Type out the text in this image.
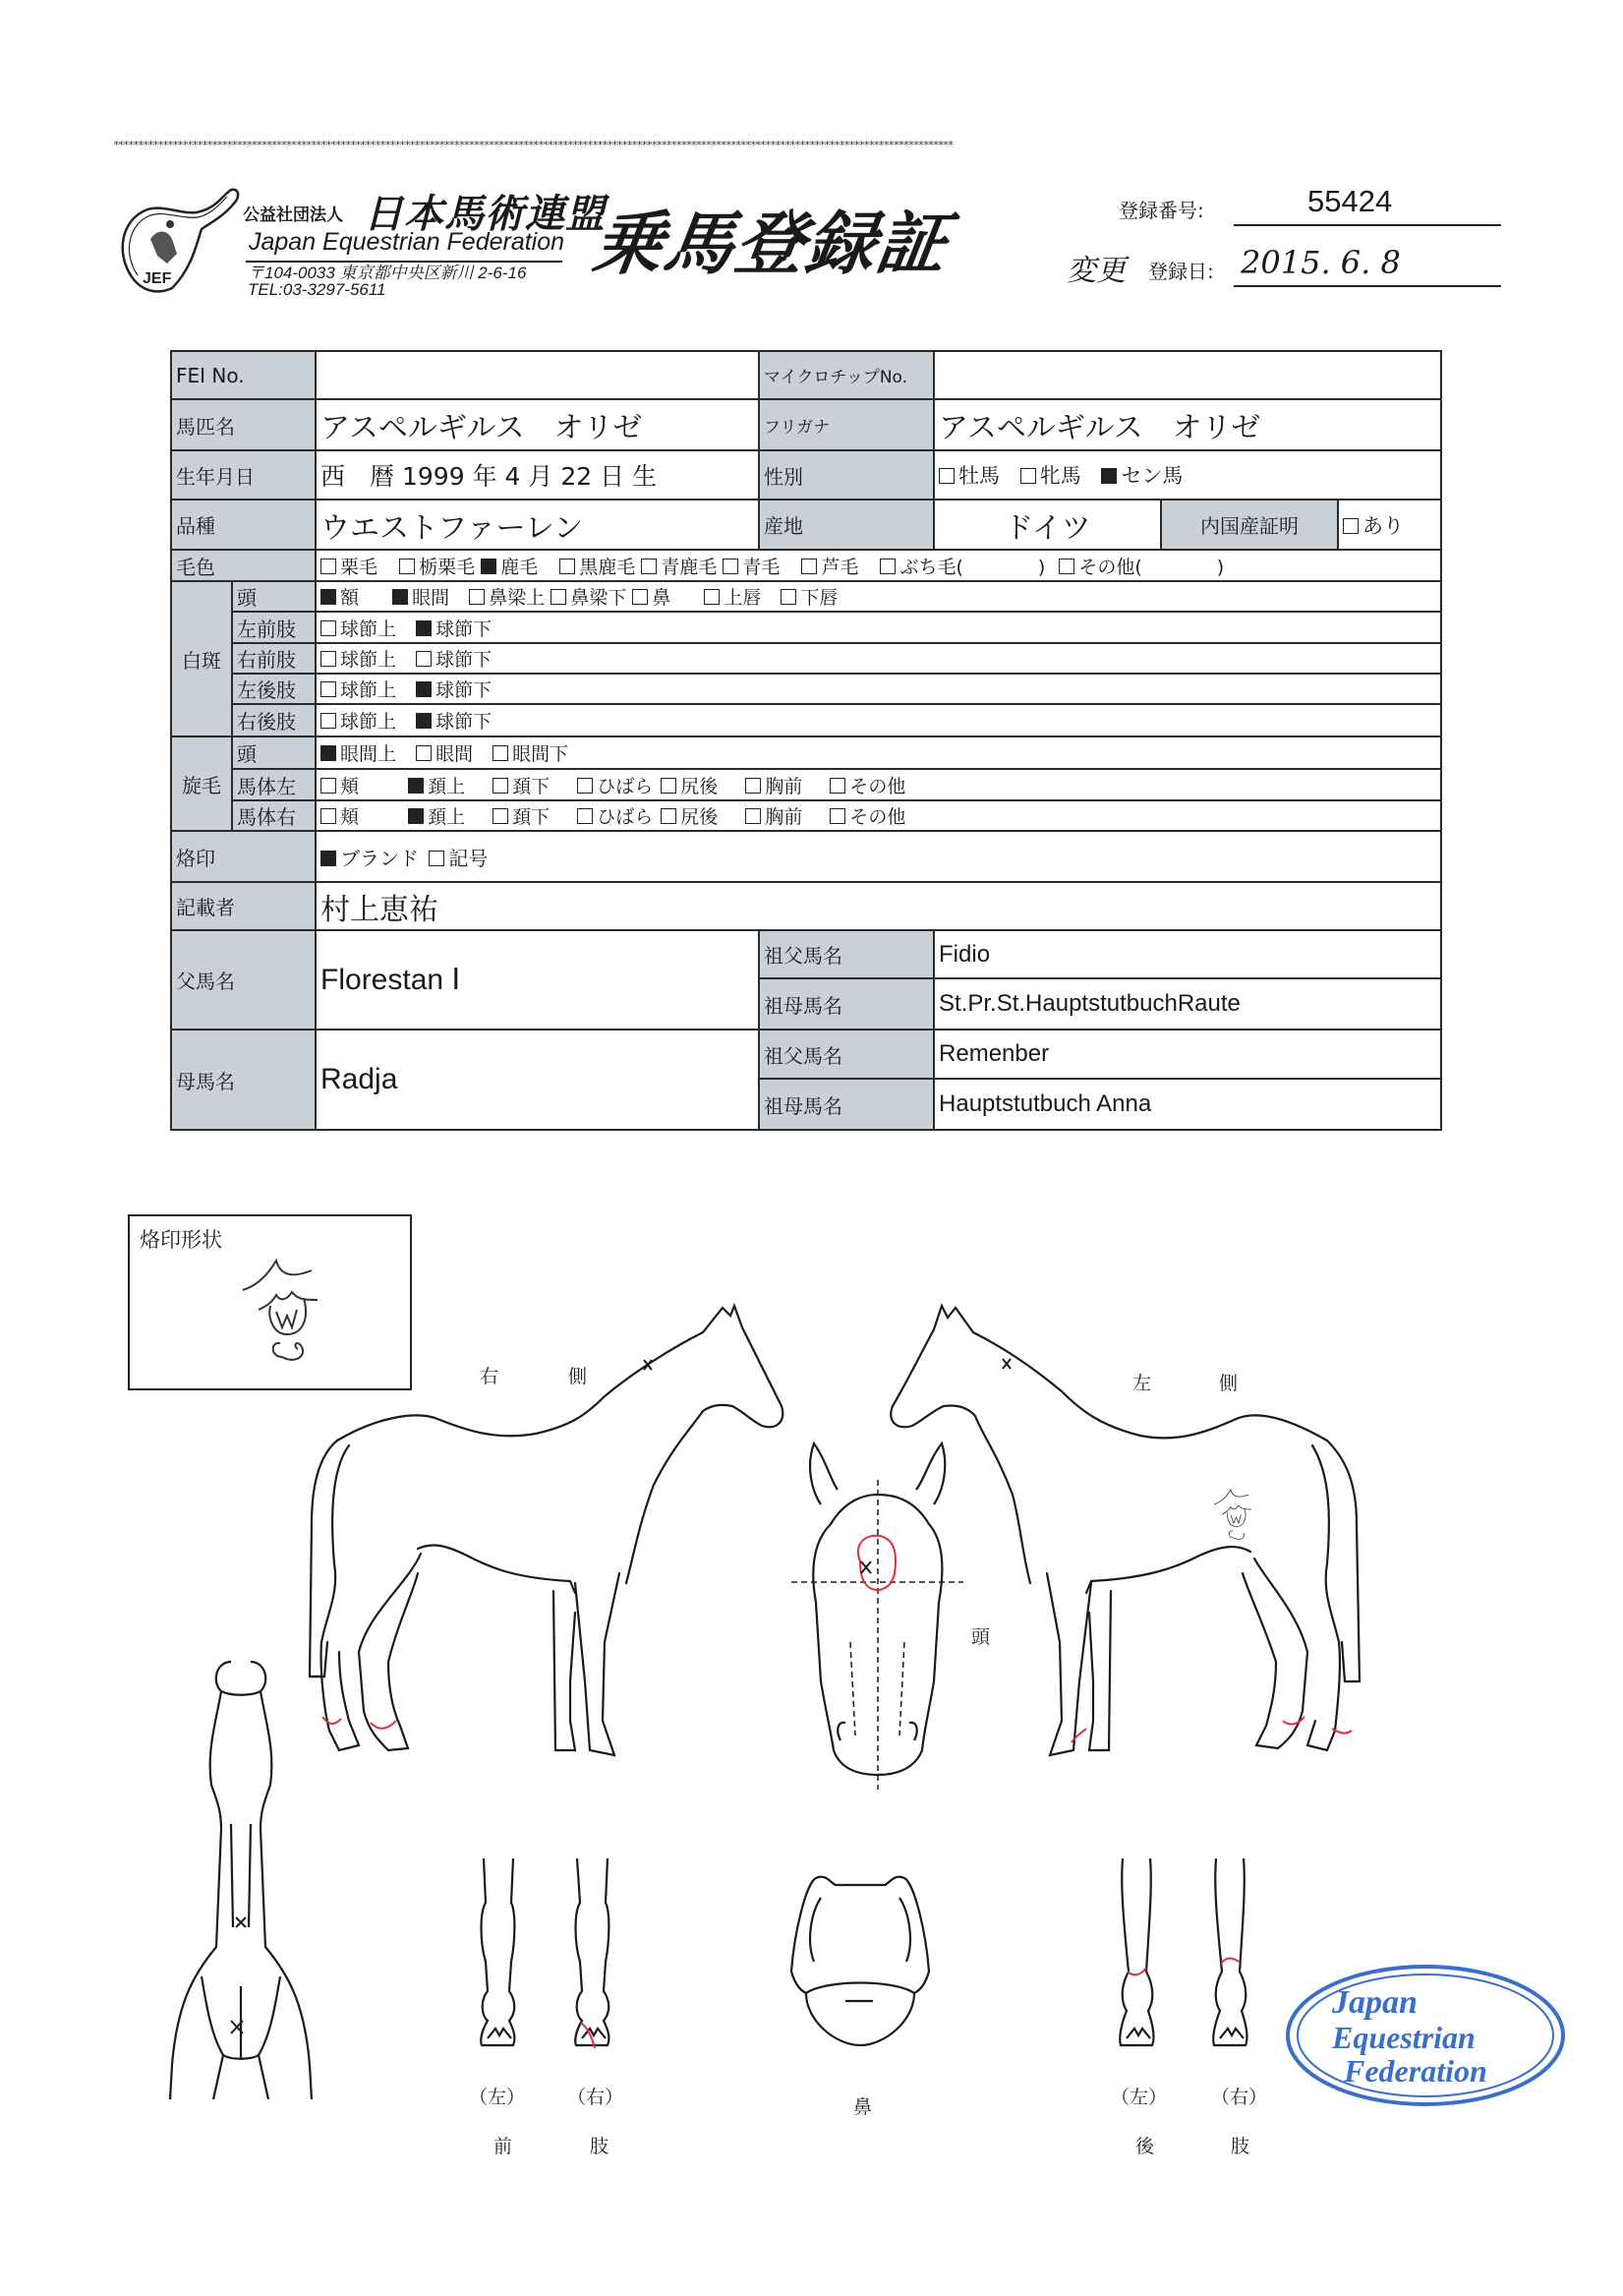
**************************************************************************************************************************************************************************
JEF
公益社団法人 日本馬術連盟
Japan Equestrian Federation
〒104-0033 東京都中央区新川 2-6-16
TEL:03-3297-5611
乗馬登録証	登録番号:	55424
変更 登録日: 2015. 6. 8
FEI No.			マイクロチップNo.			
馬匹名		アスペルギルス　オリゼ	フリガナ	アスペルギルス　オリゼ		
生年月日		西　暦 1999 年 4 月 22 日 生	性別	牡馬 牝馬 セン馬		
品種		ウエストファーレン	産地	ドイツ	内国産証明	あり
毛色		栗毛 栃栗毛 鹿毛 黒鹿毛 青鹿毛 青毛 芦毛 ぶち毛(　　　　) その他(　　　　)				
白斑	頭	額 眼間 鼻梁上 鼻梁下 鼻 上唇 下唇				
	左前肢	球節上 球節下				
	右前肢	球節上 球節下				
	左後肢	球節上 球節下				
	右後肢	球節上 球節下				
旋毛	頭	眼間上 眼間 眼間下				
	馬体左	頬 頚上 頚下 ひばら 尻後 胸前 その他				
	馬体右	頬 頚上 頚下 ひばら 尻後 胸前 その他				
烙印		ブランド 記号				
記載者		村上恵祐				
父馬名		Florestan Ⅰ	祖父馬名	Fidio		
			祖母馬名	St.Pr.St.HauptstutbuchRaute		
母馬名		Radja	祖父馬名	Remenber		
			祖母馬名	Hauptstutbuch Anna		
烙印形状
右	側	左	側
頭
（左） （右）
前	肢
鼻	（左） （右）
後	肢
Japan
Equestrian
Federation
